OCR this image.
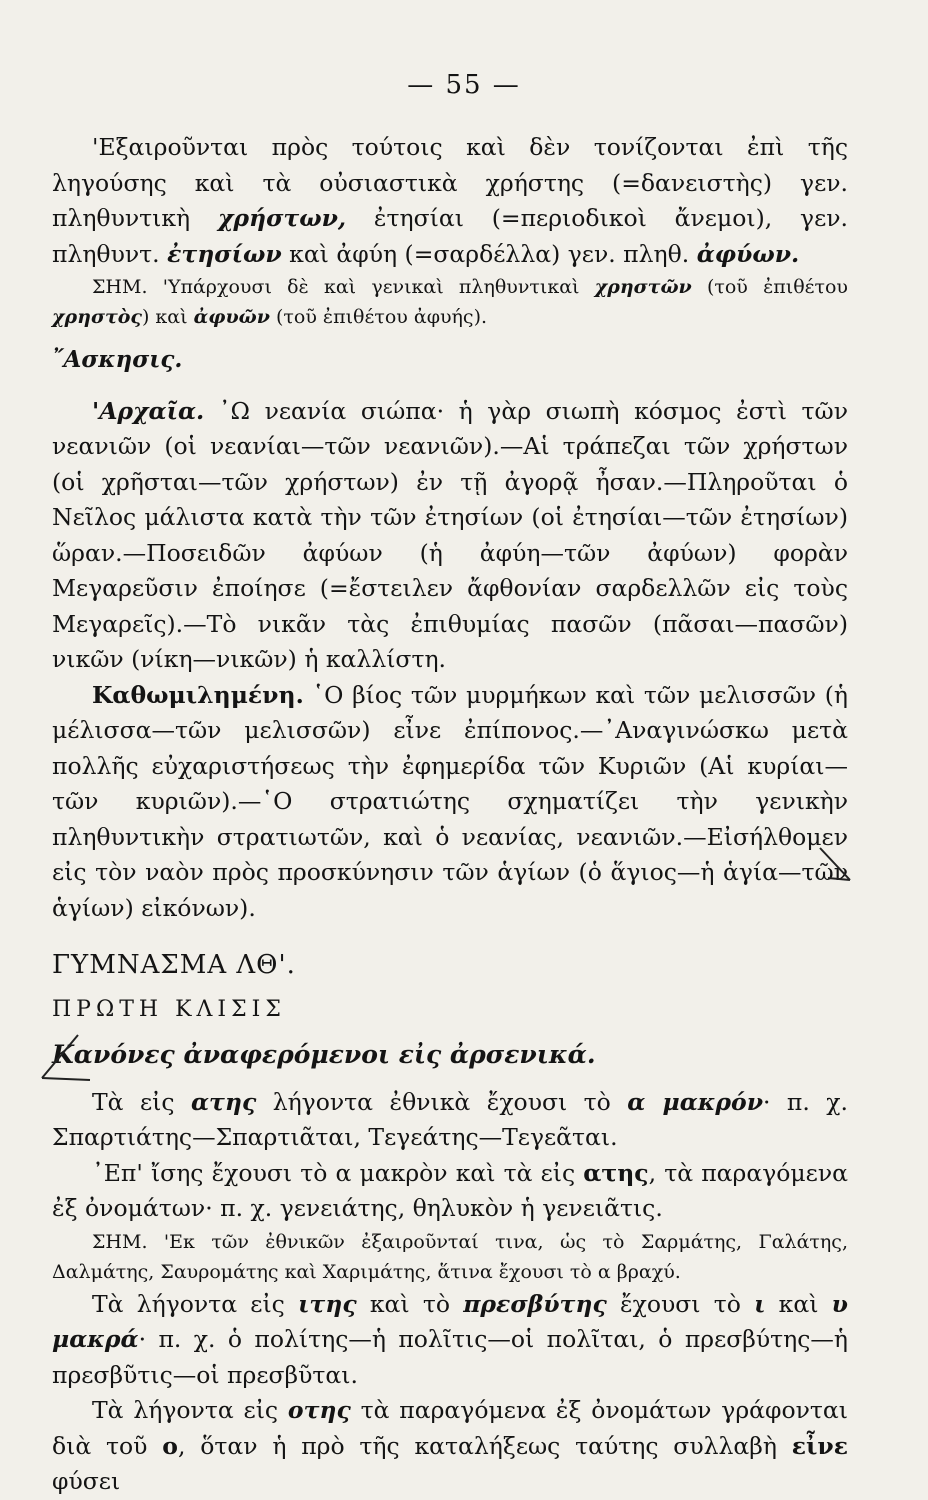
— 55 —

'Εξαιροῦνται πρὸς τούτοις καὶ δὲν τονίζονται ἐπὶ τῆς ληγούσης καὶ τὰ οὐσιαστικὰ χρήστης (=δανειστὴς) γεν. πληθυντικὴ χρήστων, ἐτησίαι (=περιοδικοὶ ἄνεμοι), γεν. πληθυντ. ἐτησίων καὶ ἀφύη (=σαρδέλλα) γεν. πληθ. ἀφύων.

ΣΗΜ. 'Υπάρχουσι δὲ καὶ γενικαὶ πληθυντικαὶ χρηστῶν (τοῦ ἐπιθέτου χρηστὸς) καὶ ἀφυῶν (τοῦ ἐπιθέτου ἀφυής).

῎Ασκησις.

'Αρχαῖα. ᾿Ω νεανία σιώπα· ἡ γὰρ σιωπὴ κόσμος ἐστὶ τῶν νεανιῶν (οἱ νεανίαι—τῶν νεανιῶν).—Αἱ τράπεζαι τῶν χρήστων (οἱ χρῆσται—τῶν χρήστων) ἐν τῇ ἀγορᾷ ἦσαν.—Πληροῦται ὁ Νεῖλος μάλιστα κατὰ τὴν τῶν ἐτησίων (οἱ ἐτησίαι—τῶν ἐτησίων) ὥραν.—Ποσειδῶν ἀφύων (ἡ ἀφύη—τῶν ἀφύων) φορὰν Μεγαρεῦσιν ἐποίησε (=ἔστειλεν ἄφθονίαν σαρδελλῶν εἰς τοὺς Μεγαρεῖς).—Τὸ νικᾶν τὰς ἐπιθυμίας πασῶν (πᾶσαι—πασῶν) νικῶν (νίκη—νικῶν) ἡ καλλίστη.

Καθωμιλημένη. ῾Ο βίος τῶν μυρμήκων καὶ τῶν μελισσῶν (ἡ μέλισσα—τῶν μελισσῶν) εἶνε ἐπίπονος.—᾿Αναγινώσκω μετὰ πολλῆς εὐχαριστήσεως τὴν ἐφημερίδα τῶν Κυριῶν (Αἱ κυρίαι—τῶν κυριῶν).—῾Ο στρατιώτης σχηματίζει τὴν γενικὴν πληθυντικὴν στρατιωτῶν, καὶ ὁ νεανίας, νεανιῶν.—Εἰσήλθομεν εἰς τὸν ναὸν πρὸς προσκύνησιν τῶν ἁγίων (ὁ ἅγιος—ἡ ἁγία—τῶν ἁγίων) εἰκόνων).

ΓΥΜΝΑΣΜΑ ΛΘ'.

ΠΡΩΤΗ ΚΛΙΣΙΣ

Κανόνες ἀναφερόμενοι εἰς ἀρσενικά.

Τὰ εἰς ατης λήγοντα ἐθνικὰ ἔχουσι τὸ α μακρόν· π. χ. Σπαρτιάτης—Σπαρτιᾶται, Τεγεάτης—Τεγεᾶται.

᾿Επ' ἴσης ἔχουσι τὸ α μακρὸν καὶ τὰ εἰς ατης, τὰ παραγόμενα ἐξ ὀνομάτων· π. χ. γενειάτης, θηλυκὸν ἡ γενειᾶτις.

ΣΗΜ. 'Εκ τῶν ἐθνικῶν ἐξαιροῦνταί τινα, ὡς τὸ Σαρμάτης, Γαλάτης, Δαλμάτης, Σαυρομάτης καὶ Χαριμάτης, ἅτινα ἔχουσι τὸ α βραχύ.

Τὰ λήγοντα εἰς ιτης καὶ τὸ πρεσβύτης ἔχουσι τὸ ι καὶ υ μακρά· π. χ. ὁ πολίτης—ἡ πολῖτις—οἱ πολῖται, ὁ πρεσβύτης—ἡ πρεσβῦτις—οἱ πρεσβῦται.

Τὰ λήγοντα εἰς οτης τὰ παραγόμενα ἐξ ὀνομάτων γράφονται διὰ τοῦ ο, ὅταν ἡ πρὸ τῆς καταλήξεως ταύτης συλλαβὴ εἶνε φύσει
